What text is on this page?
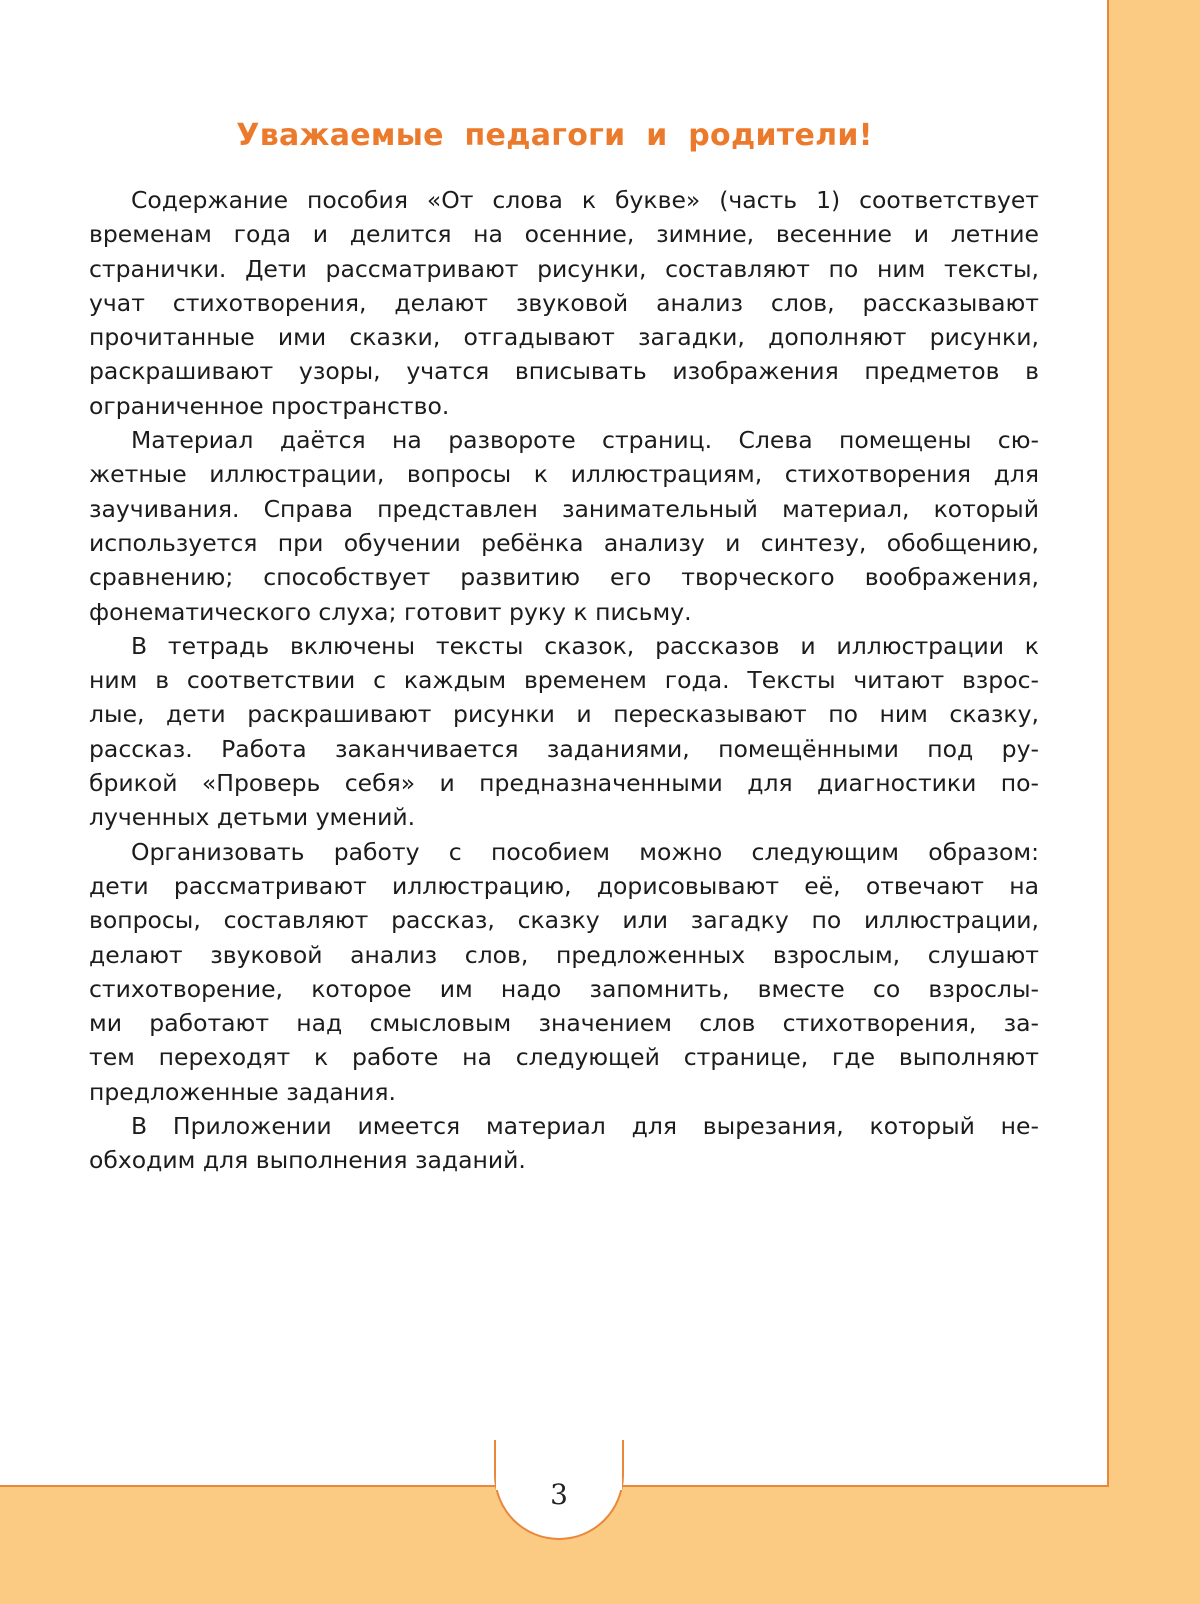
Уважаемые педагоги и родители!
Содержание пособия «От слова к букве» (часть 1) соответствует
временам года и делится на осенние, зимние, весенние и летние
странички. Дети рассматривают рисунки, составляют по ним тексты,
учат стихотворения, делают звуковой анализ слов, рассказывают
прочитанные ими сказки, отгадывают загадки, дополняют рисунки,
раскрашивают узоры, учатся вписывать изображения предметов в
ограниченное пространство.
Материал даётся на развороте страниц. Слева помещены сю-
жетные иллюстрации, вопросы к иллюстрациям, стихотворения для
заучивания. Справа представлен занимательный материал, который
используется при обучении ребёнка анализу и синтезу, обобщению,
сравнению; способствует развитию его творческого воображения,
фонематического слуха; готовит руку к письму.
В тетрадь включены тексты сказок, рассказов и иллюстрации к
ним в соответствии с каждым временем года. Тексты читают взрос-
лые, дети раскрашивают рисунки и пересказывают по ним сказку,
рассказ. Работа заканчивается заданиями, помещёнными под ру-
брикой «Проверь себя» и предназначенными для диагностики по-
лученных детьми умений.
Организовать работу с пособием можно следующим образом:
дети рассматривают иллюстрацию, дорисовывают её, отвечают на
вопросы, составляют рассказ, сказку или загадку по иллюстрации,
делают звуковой анализ слов, предложенных взрослым, слушают
стихотворение, которое им надо запомнить, вместе со взрослы-
ми работают над смысловым значением слов стихотворения, за-
тем переходят к работе на следующей странице, где выполняют
предложенные задания.
В Приложении имеется материал для вырезания, который не-
обходим для выполнения заданий.
3
